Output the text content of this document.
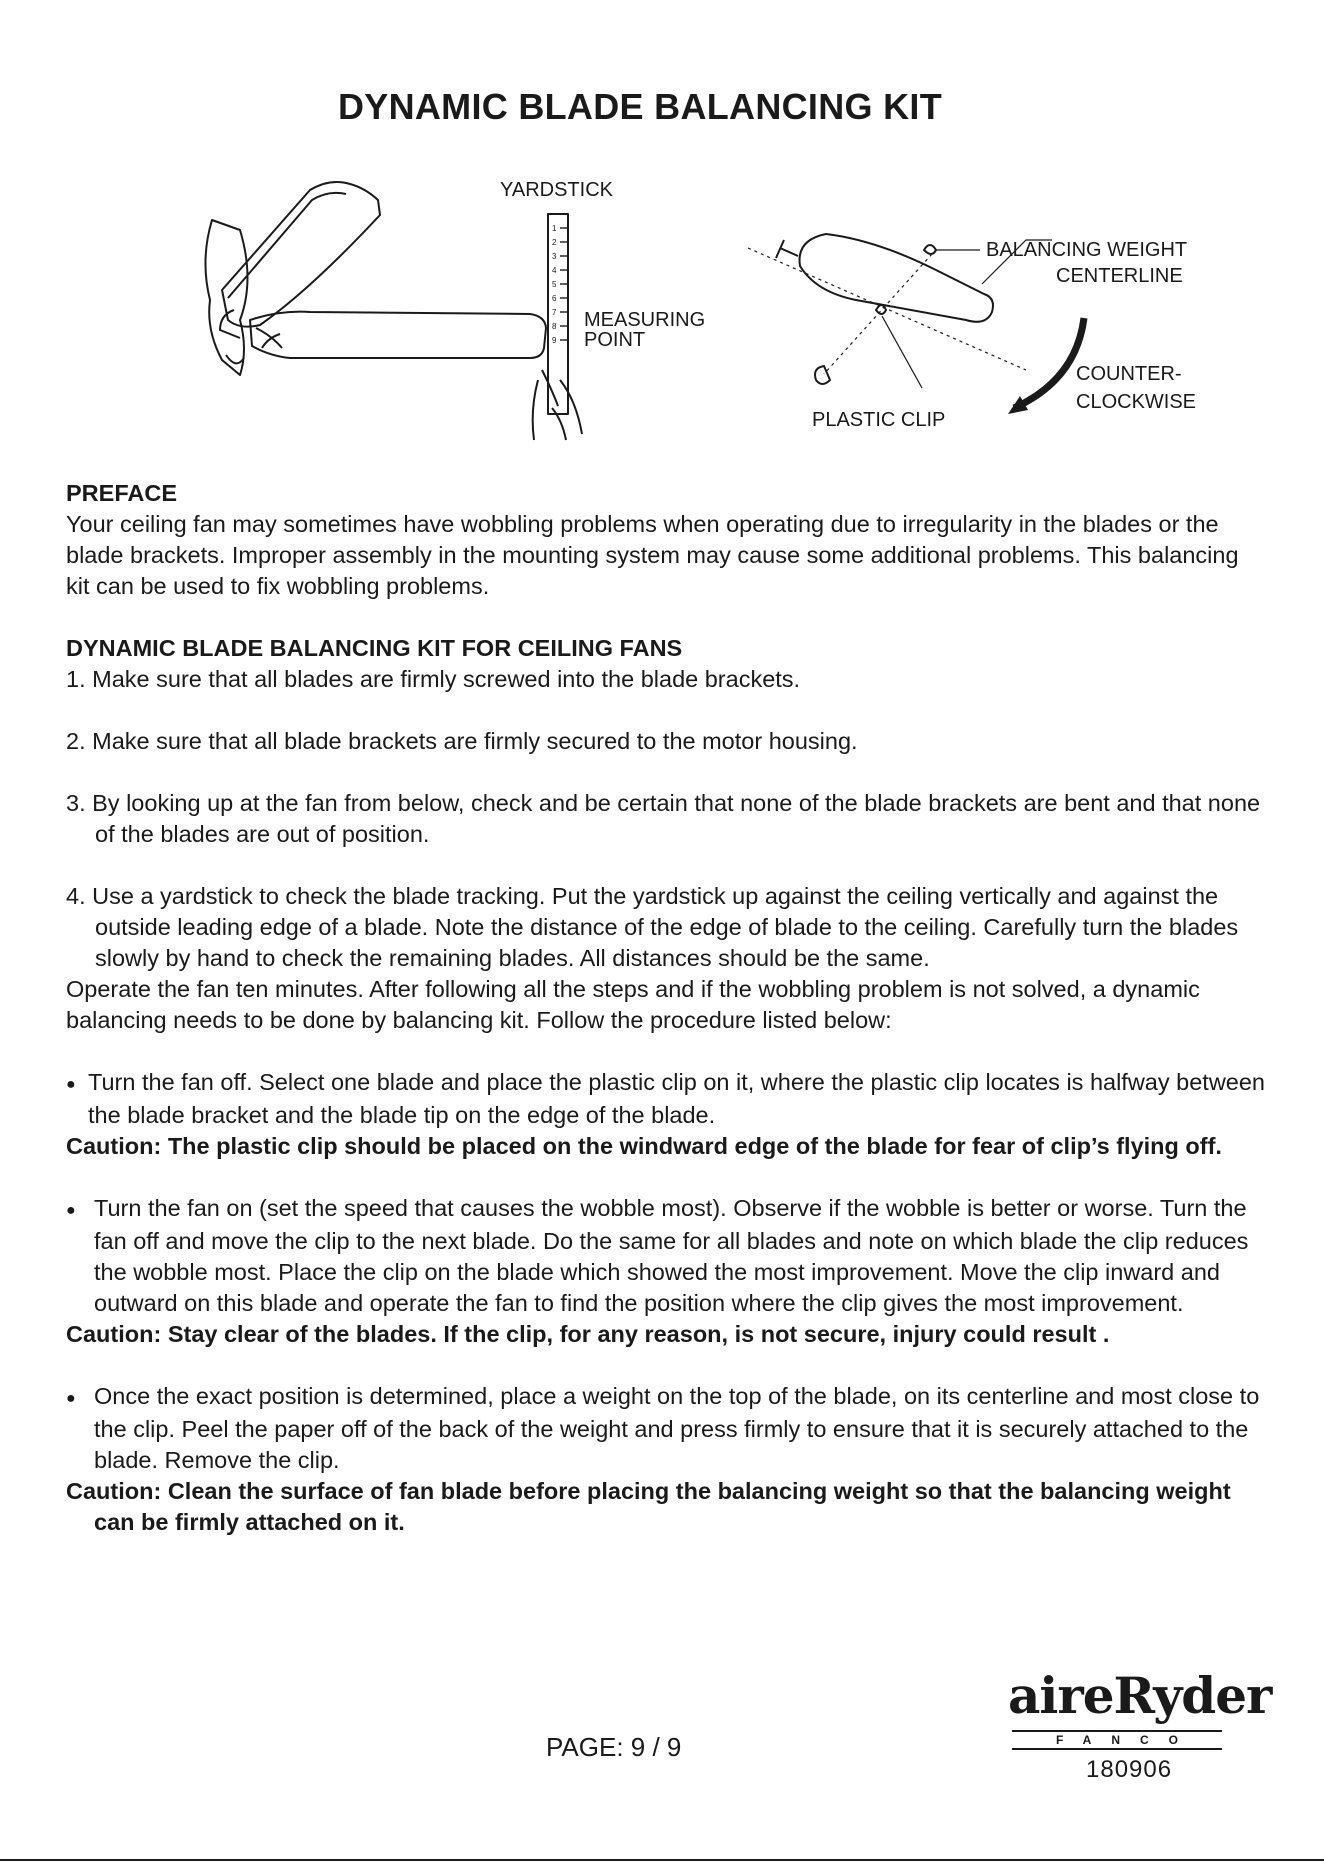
DYNAMIC BLADE BALANCING KIT
1
2
3
4
5
6
7
8
9
YARDSTICK
MEASURING
POINT
BALANCING WEIGHT
CENTERLINE
COUNTER-
CLOCKWISE
PLASTIC CLIP

PREFACE

Your ceiling fan may sometimes have wobbling problems when operating due to irregularity in the blades or the blade brackets. Improper assembly in the mounting system may cause some additional problems. This balancing kit can be used to fix wobbling problems.

DYNAMIC BLADE BALANCING KIT FOR CEILING FANS

1. Make sure that all blades are firmly screwed into the blade brackets.

2. Make sure that all blade brackets are firmly secured to the motor housing.

3. By looking up at the fan from below, check and be certain that none of the blade brackets are bent and that none of the blades are out of position.

4. Use a yardstick to check the blade tracking. Put the yardstick up against the ceiling vertically and against the outside leading edge of a blade. Note the distance of the edge of blade to the ceiling. Carefully turn the blades slowly by hand to check the remaining blades. All distances should be the same.

Operate the fan ten minutes. After following all the steps and if the wobbling problem is not solved, a dynamic balancing needs to be done by balancing kit. Follow the procedure listed below:

● Turn the fan off. Select one blade and place the plastic clip on it, where the plastic clip locates is halfway between the blade bracket and the blade tip on the edge of the blade.

Caution: The plastic clip should be placed on the windward edge of the blade for fear of clip’s flying off.

● Turn the fan on (set the speed that causes the wobble most). Observe if the wobble is better or worse. Turn the fan off and move the clip to the next blade. Do the same for all blades and note on which blade the clip reduces the wobble most. Place the clip on the blade which showed the most improvement. Move the clip inward and outward on this blade and operate the fan to find the position where the clip gives the most improvement.

Caution: Stay clear of the blades. If the clip, for any reason, is not secure, injury could result .

● Once the exact position is determined, place a weight on the top of the blade, on its centerline and most close to the clip. Peel the paper off of the back of the weight and press firmly to ensure that it is securely attached to the blade. Remove the clip.

Caution: Clean the surface of fan blade before placing the balancing weight so that the balancing weight can be firmly attached on it.

PAGE: 9 / 9
aireRyder
FANCO
180906
